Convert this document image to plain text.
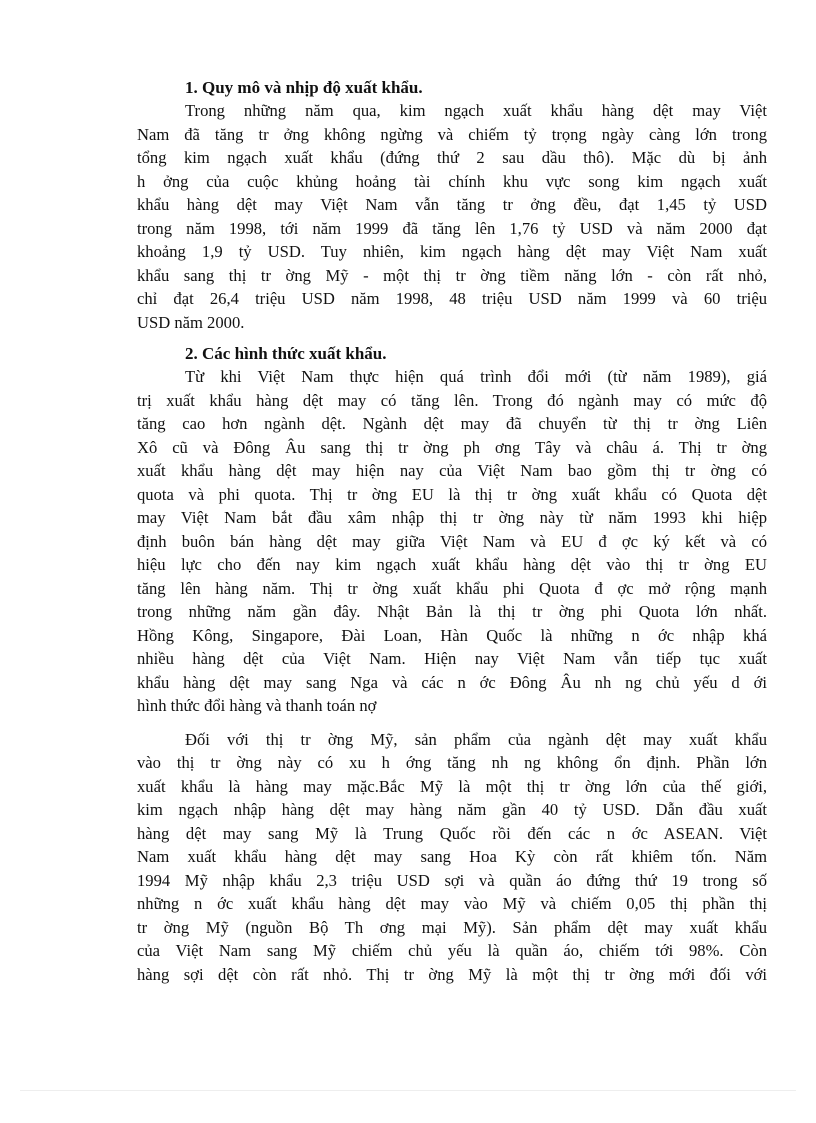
1. Quy mô và nhịp độ xuất khẩu.

Trong những năm qua, kim ngạch xuất khẩu hàng dệt may Việt

Nam đã tăng tr ởng không ngừng và chiếm tỷ trọng ngày càng lớn trong

tổng kim ngạch xuất khẩu (đứng thứ 2 sau dầu thô). Mặc dù bị ảnh

h ởng của cuộc khủng hoảng tài chính khu vực song kim ngạch xuất

khẩu hàng dệt may Việt Nam vẫn tăng tr ởng đều, đạt 1,45 tỷ USD

trong năm 1998, tới năm 1999 đã tăng lên 1,76 tỷ USD và năm 2000 đạt

khoảng 1,9 tỷ USD. Tuy nhiên, kim ngạch hàng dệt may Việt Nam xuất

khẩu sang thị tr ờng Mỹ - một thị tr ờng tiềm năng lớn - còn rất nhỏ,

chỉ đạt 26,4 triệu USD năm 1998, 48 triệu USD năm 1999 và 60 triệu

USD năm 2000.

2. Các hình thức xuất khẩu.

Từ khi Việt Nam thực hiện quá trình đổi mới (từ năm 1989), giá

trị xuất khẩu hàng dệt may có tăng lên. Trong đó ngành may có mức độ

tăng cao hơn ngành dệt. Ngành dệt may đã chuyển từ thị tr ờng Liên

Xô cũ và Đông Âu sang thị tr ờng ph ơng Tây và châu á. Thị tr ờng

xuất khẩu hàng dệt may hiện nay của Việt Nam bao gồm thị tr ờng có

quota và phi quota. Thị tr ờng EU là thị tr ờng xuất khẩu có Quota dệt

may Việt Nam bắt đầu xâm nhập thị tr ờng này từ năm 1993 khi hiệp

định buôn bán hàng dệt may giữa Việt Nam và EU đ ợc ký kết và có

hiệu lực cho đến nay kim ngạch xuất khẩu hàng dệt vào thị tr ờng EU

tăng lên hàng năm. Thị tr ờng xuất khẩu phi Quota đ ợc mở rộng mạnh

trong những năm gần đây. Nhật Bản là thị tr ờng phi Quota lớn nhất.

Hồng Kông, Singapore, Đài Loan, Hàn Quốc là những n ớc nhập khá

nhiều hàng dệt của Việt Nam. Hiện nay Việt Nam vẫn tiếp tục xuất

khẩu hàng dệt may sang Nga và các n ớc Đông Âu nh ng chủ yếu d ới

hình thức đổi hàng và thanh toán nợ

Đối với thị tr ờng Mỹ, sản phẩm của ngành dệt may xuất khẩu

vào thị tr ờng này có xu h ớng tăng nh ng không ổn định. Phần lớn

xuất khẩu là hàng may mặc.Bắc Mỹ là một thị tr ờng lớn của thế giới,

kim ngạch nhập hàng dệt may hàng năm gần 40 tỷ USD. Dẫn đầu xuất

hàng dệt may sang Mỹ là Trung Quốc rồi đến các n ớc ASEAN. Việt

Nam xuất khẩu hàng dệt may sang Hoa Kỳ còn rất khiêm tốn. Năm

1994 Mỹ nhập khẩu 2,3 triệu USD sợi và quần áo đứng thứ 19 trong số

những n ớc xuất khẩu hàng dệt may vào Mỹ và chiếm 0,05 thị phần thị

tr ờng Mỹ (nguồn Bộ Th ơng mại Mỹ). Sản phẩm dệt may xuất khẩu

của Việt Nam sang Mỹ chiếm chủ yếu là quần áo, chiếm tới 98%. Còn

hàng sợi dệt còn rất nhỏ. Thị tr ờng Mỹ là một thị tr ờng mới đối với
